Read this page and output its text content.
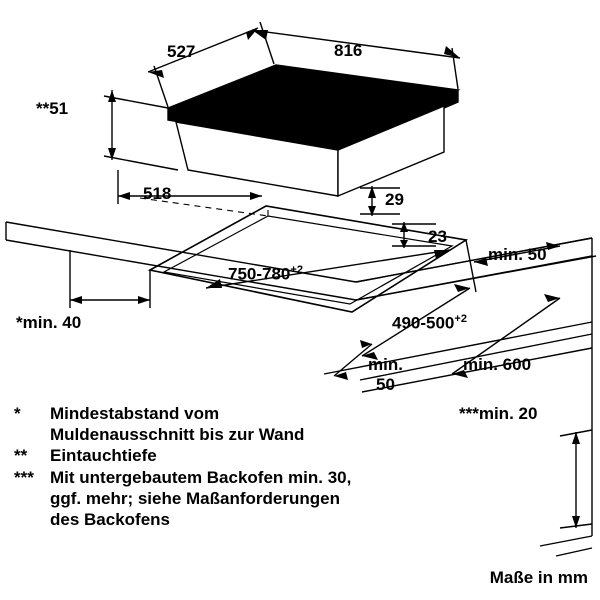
527	816
**51
518	29
23
min. 50
$750-780^{+2}$
*min. 40	$490-500^{+2}$
min.
50
min. 600
***min. 20
*	Mindestabstand vom
Muldenausschnitt bis zur Wand
**	Eintauchtiefe
*** Mit untergebautem Backofen min. 30,
ggf. mehr; siehe Maßanforderungen
des Backofens
Maße in mm
